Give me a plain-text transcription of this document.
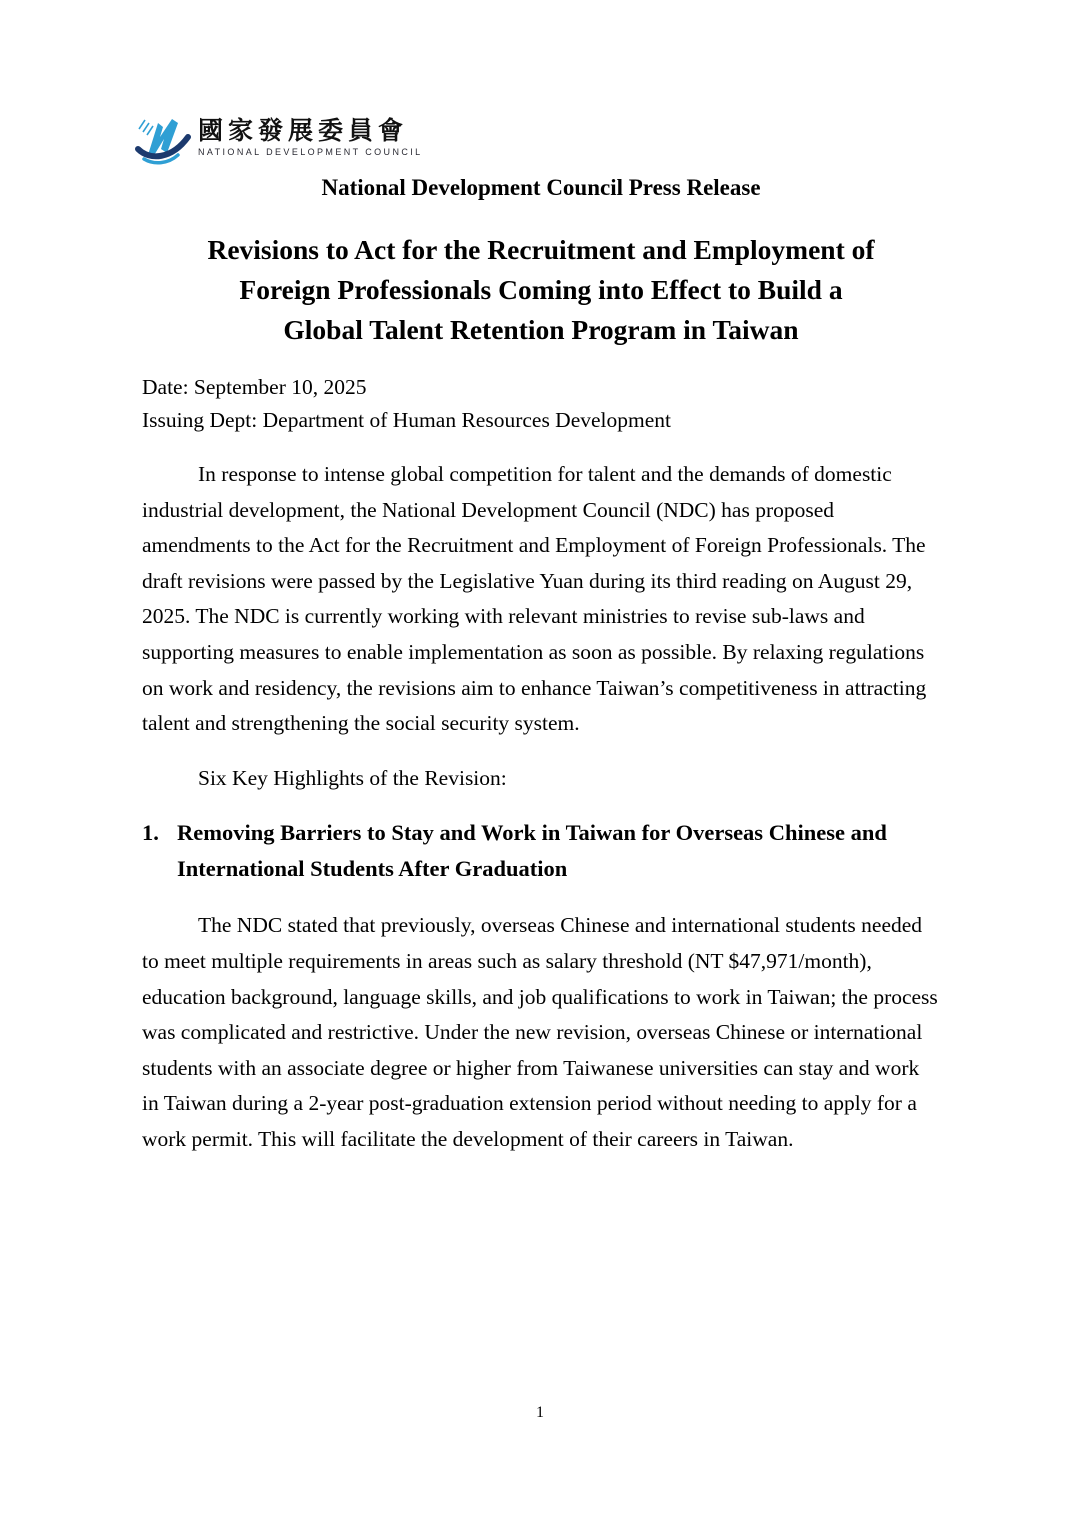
國家發展委員會
NATIONAL DEVELOPMENT COUNCIL
National Development Council Press Release
Revisions to Act for the Recruitment and Employment of
Foreign Professionals Coming into Effect to Build a
Global Talent Retention Program in Taiwan
Date: September 10, 2025
Issuing Dept: Department of Human Resources Development

In response to intense global competition for talent and the demands of domestic industrial development, the National Development Council (NDC) has proposed amendments to the Act for the Recruitment and Employment of Foreign Professionals. The draft revisions were passed by the Legislative Yuan during its third reading on August 29, 2025. The NDC is currently working with relevant ministries to revise sub-laws and supporting measures to enable implementation as soon as possible. By relaxing regulations on work and residency, the revisions aim to enhance Taiwan’s competitiveness in attracting talent and strengthening the social security system.

Six Key Highlights of the Revision:

1. Removing Barriers to Stay and Work in Taiwan for Overseas Chinese and International Students After Graduation

The NDC stated that previously, overseas Chinese and international students needed to meet multiple requirements in areas such as salary threshold (NT $47,971/month), education background, language skills, and job qualifications to work in Taiwan; the process was complicated and restrictive. Under the new revision, overseas Chinese or international students with an associate degree or higher from Taiwanese universities can stay and work in Taiwan during a 2-year post-graduation extension period without needing to apply for a work permit. This will facilitate the development of their careers in Taiwan.

1
